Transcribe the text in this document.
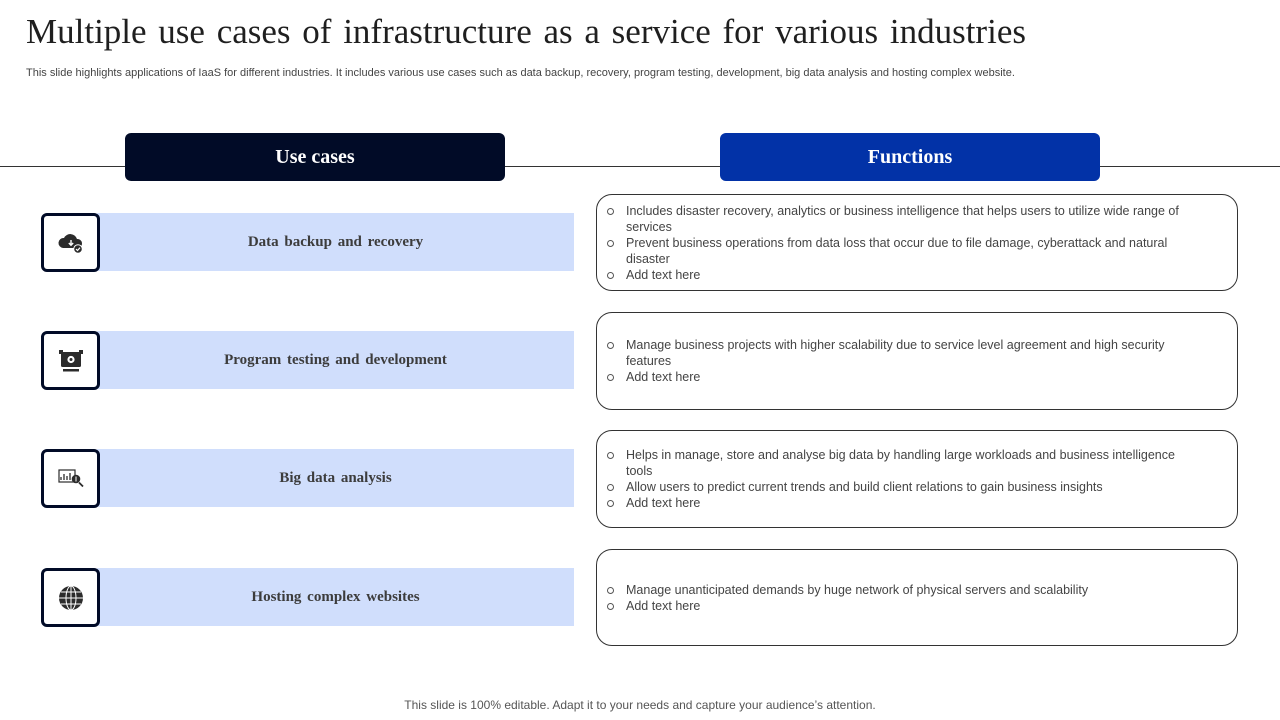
Multiple use cases of infrastructure as a service for various industries
This slide highlights applications of IaaS for different industries. It includes various use cases such as data backup, recovery, program testing, development, big data analysis and hosting complex website.
Use cases	Functions
Data backup and recovery
Includes disaster recovery, analytics or business intelligence that helps users to utilize wide range of services
Prevent business operations from data loss that occur due to file damage, cyberattack and natural disaster
Add text here
Program testing and development
Manage business projects with higher scalability due to service level agreement and high security features
Add text here
Big data analysis
Helps in manage, store and analyse big data by handling large workloads and business intelligence tools
Allow users to predict current trends and build client relations to gain business insights
Add text here
Hosting complex websites	Manage unanticipated demands by huge network of physical servers and scalability
Add text here
This slide is 100% editable. Adapt it to your needs and capture your audience’s attention.
